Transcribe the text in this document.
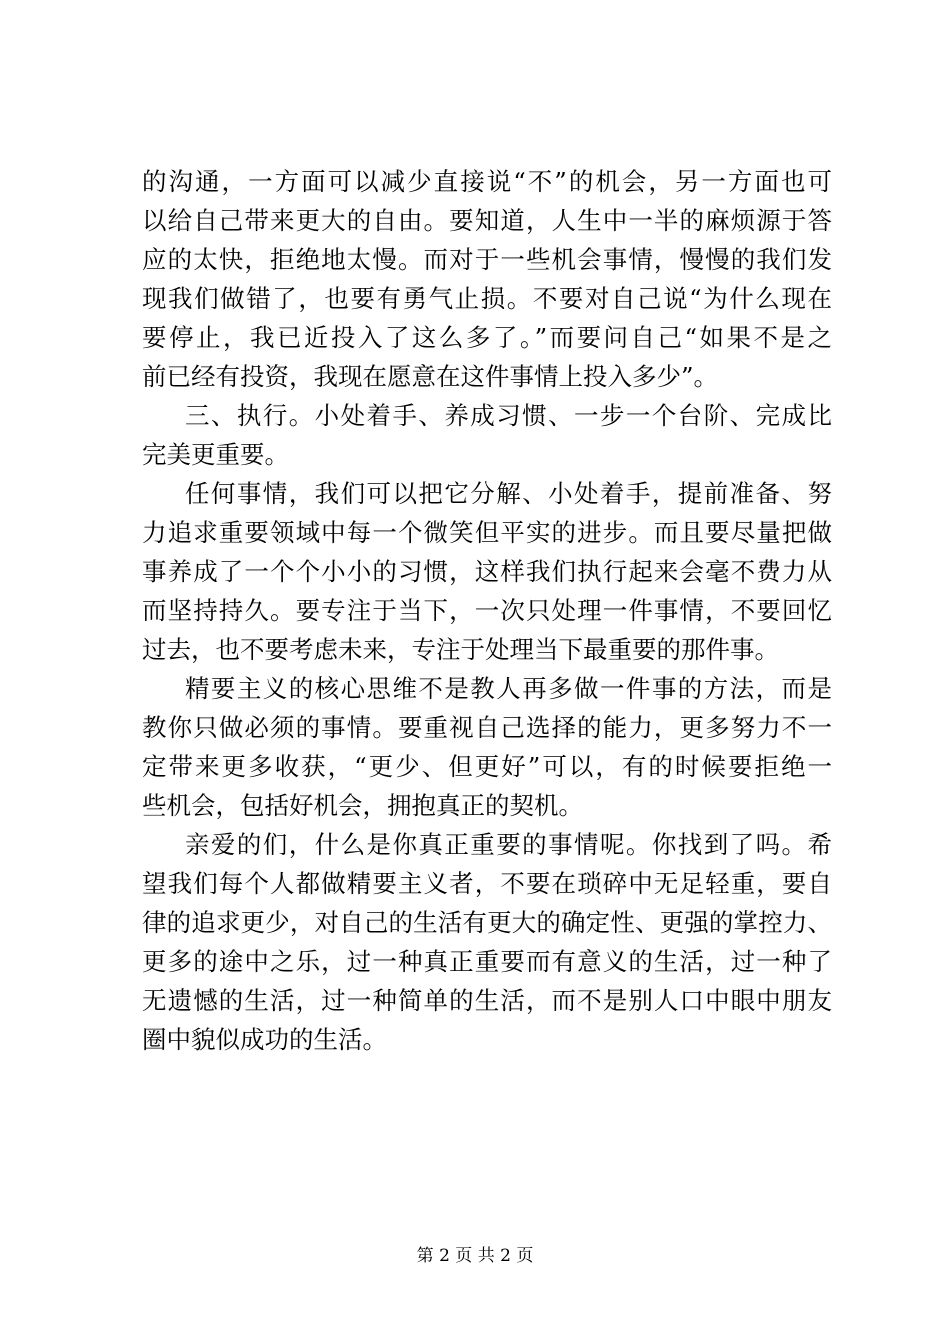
的沟通，一方面可以减少直接说“不”的机会，另一方面也可
以给自己带来更大的自由。要知道，人生中一半的麻烦源于答
应的太快，拒绝地太慢。而对于一些机会事情，慢慢的我们发
现我们做错了，也要有勇气止损。不要对自己说“为什么现在
要停止，我已近投入了这么多了。”而要问自己“如果不是之
前已经有投资，我现在愿意在这件事情上投入多少”。
三、执行。小处着手、养成习惯、一步一个台阶、完成比
完美更重要。
任何事情，我们可以把它分解、小处着手，提前准备、努
力追求重要领域中每一个微笑但平实的进步。而且要尽量把做
事养成了一个个小小的习惯，这样我们执行起来会毫不费力从
而坚持持久。要专注于当下，一次只处理一件事情，不要回忆
过去，也不要考虑未来，专注于处理当下最重要的那件事。
精要主义的核心思维不是教人再多做一件事的方法，而是
教你只做必须的事情。要重视自己选择的能力，更多努力不一
定带来更多收获，“更少、但更好”可以，有的时候要拒绝一
些机会，包括好机会，拥抱真正的契机。
亲爱的们，什么是你真正重要的事情呢。你找到了吗。希
望我们每个人都做精要主义者，不要在琐碎中无足轻重，要自
律的追求更少，对自己的生活有更大的确定性、更强的掌控力、
更多的途中之乐，过一种真正重要而有意义的生活，过一种了
无遗憾的生活，过一种简单的生活，而不是别人口中眼中朋友
圈中貌似成功的生活。
第 2 页 共 2 页
